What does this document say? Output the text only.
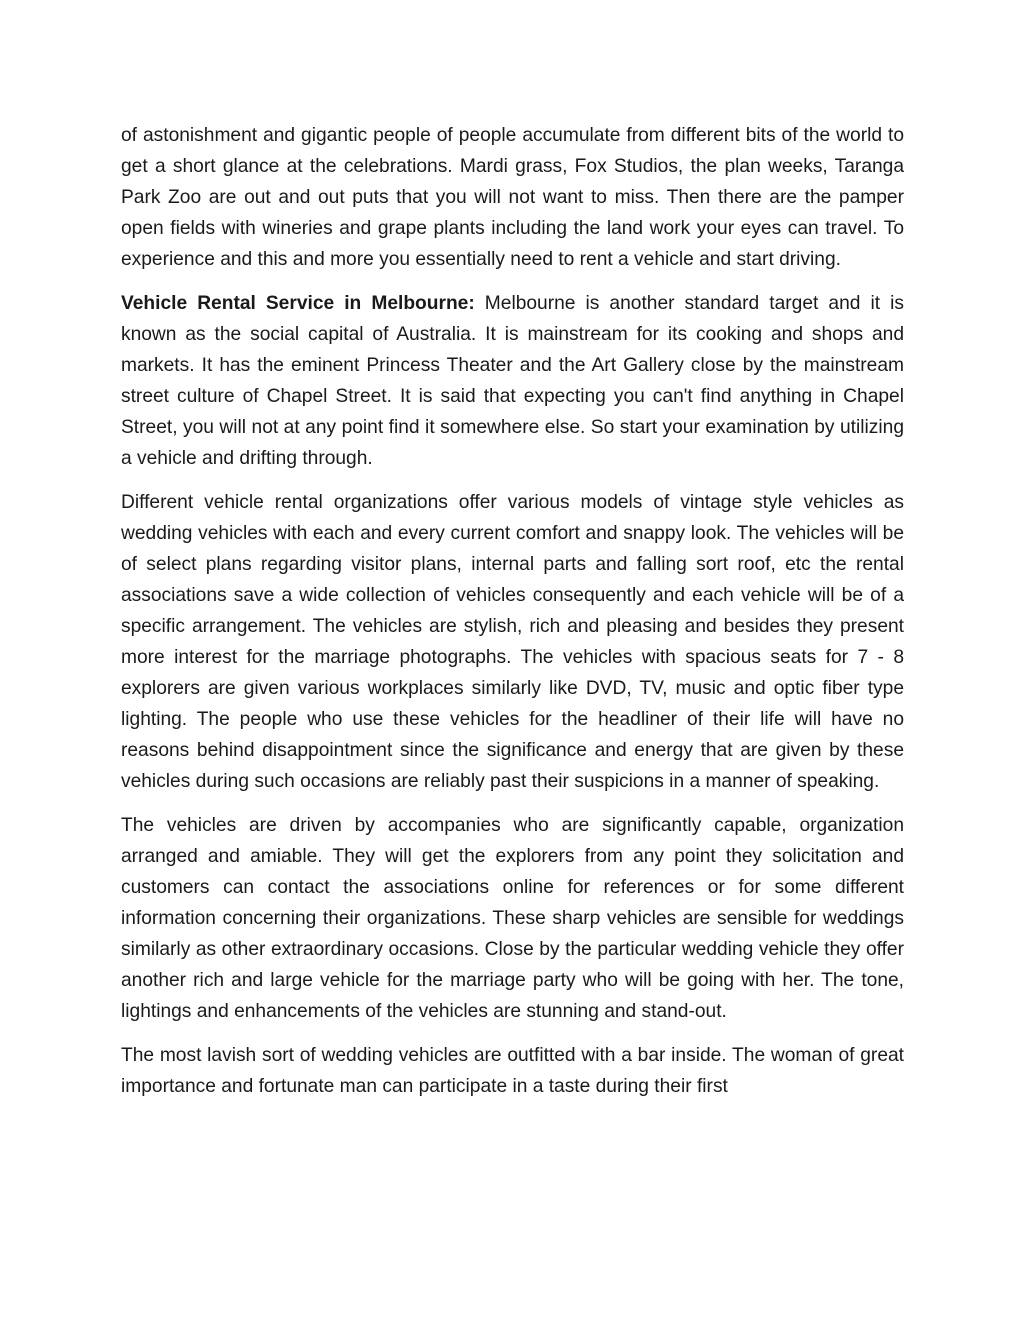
of astonishment and gigantic people of people accumulate from different bits of the world to get a short glance at the celebrations. Mardi grass, Fox Studios, the plan weeks, Taranga Park Zoo are out and out puts that you will not want to miss. Then there are the pamper open fields with wineries and grape plants including the land work your eyes can travel. To experience and this and more you essentially need to rent a vehicle and start driving.

Vehicle Rental Service in Melbourne: Melbourne is another standard target and it is known as the social capital of Australia. It is mainstream for its cooking and shops and markets. It has the eminent Princess Theater and the Art Gallery close by the mainstream street culture of Chapel Street. It is said that expecting you can't find anything in Chapel Street, you will not at any point find it somewhere else. So start your examination by utilizing a vehicle and drifting through.

Different vehicle rental organizations offer various models of vintage style vehicles as wedding vehicles with each and every current comfort and snappy look. The vehicles will be of select plans regarding visitor plans, internal parts and falling sort roof, etc the rental associations save a wide collection of vehicles consequently and each vehicle will be of a specific arrangement. The vehicles are stylish, rich and pleasing and besides they present more interest for the marriage photographs. The vehicles with spacious seats for 7 - 8 explorers are given various workplaces similarly like DVD, TV, music and optic fiber type lighting. The people who use these vehicles for the headliner of their life will have no reasons behind disappointment since the significance and energy that are given by these vehicles during such occasions are reliably past their suspicions in a manner of speaking.

The vehicles are driven by accompanies who are significantly capable, organization arranged and amiable. They will get the explorers from any point they solicitation and customers can contact the associations online for references or for some different information concerning their organizations. These sharp vehicles are sensible for weddings similarly as other extraordinary occasions. Close by the particular wedding vehicle they offer another rich and large vehicle for the marriage party who will be going with her. The tone, lightings and enhancements of the vehicles are stunning and stand-out.

The most lavish sort of wedding vehicles are outfitted with a bar inside. The woman of great importance and fortunate man can participate in a taste during their first
